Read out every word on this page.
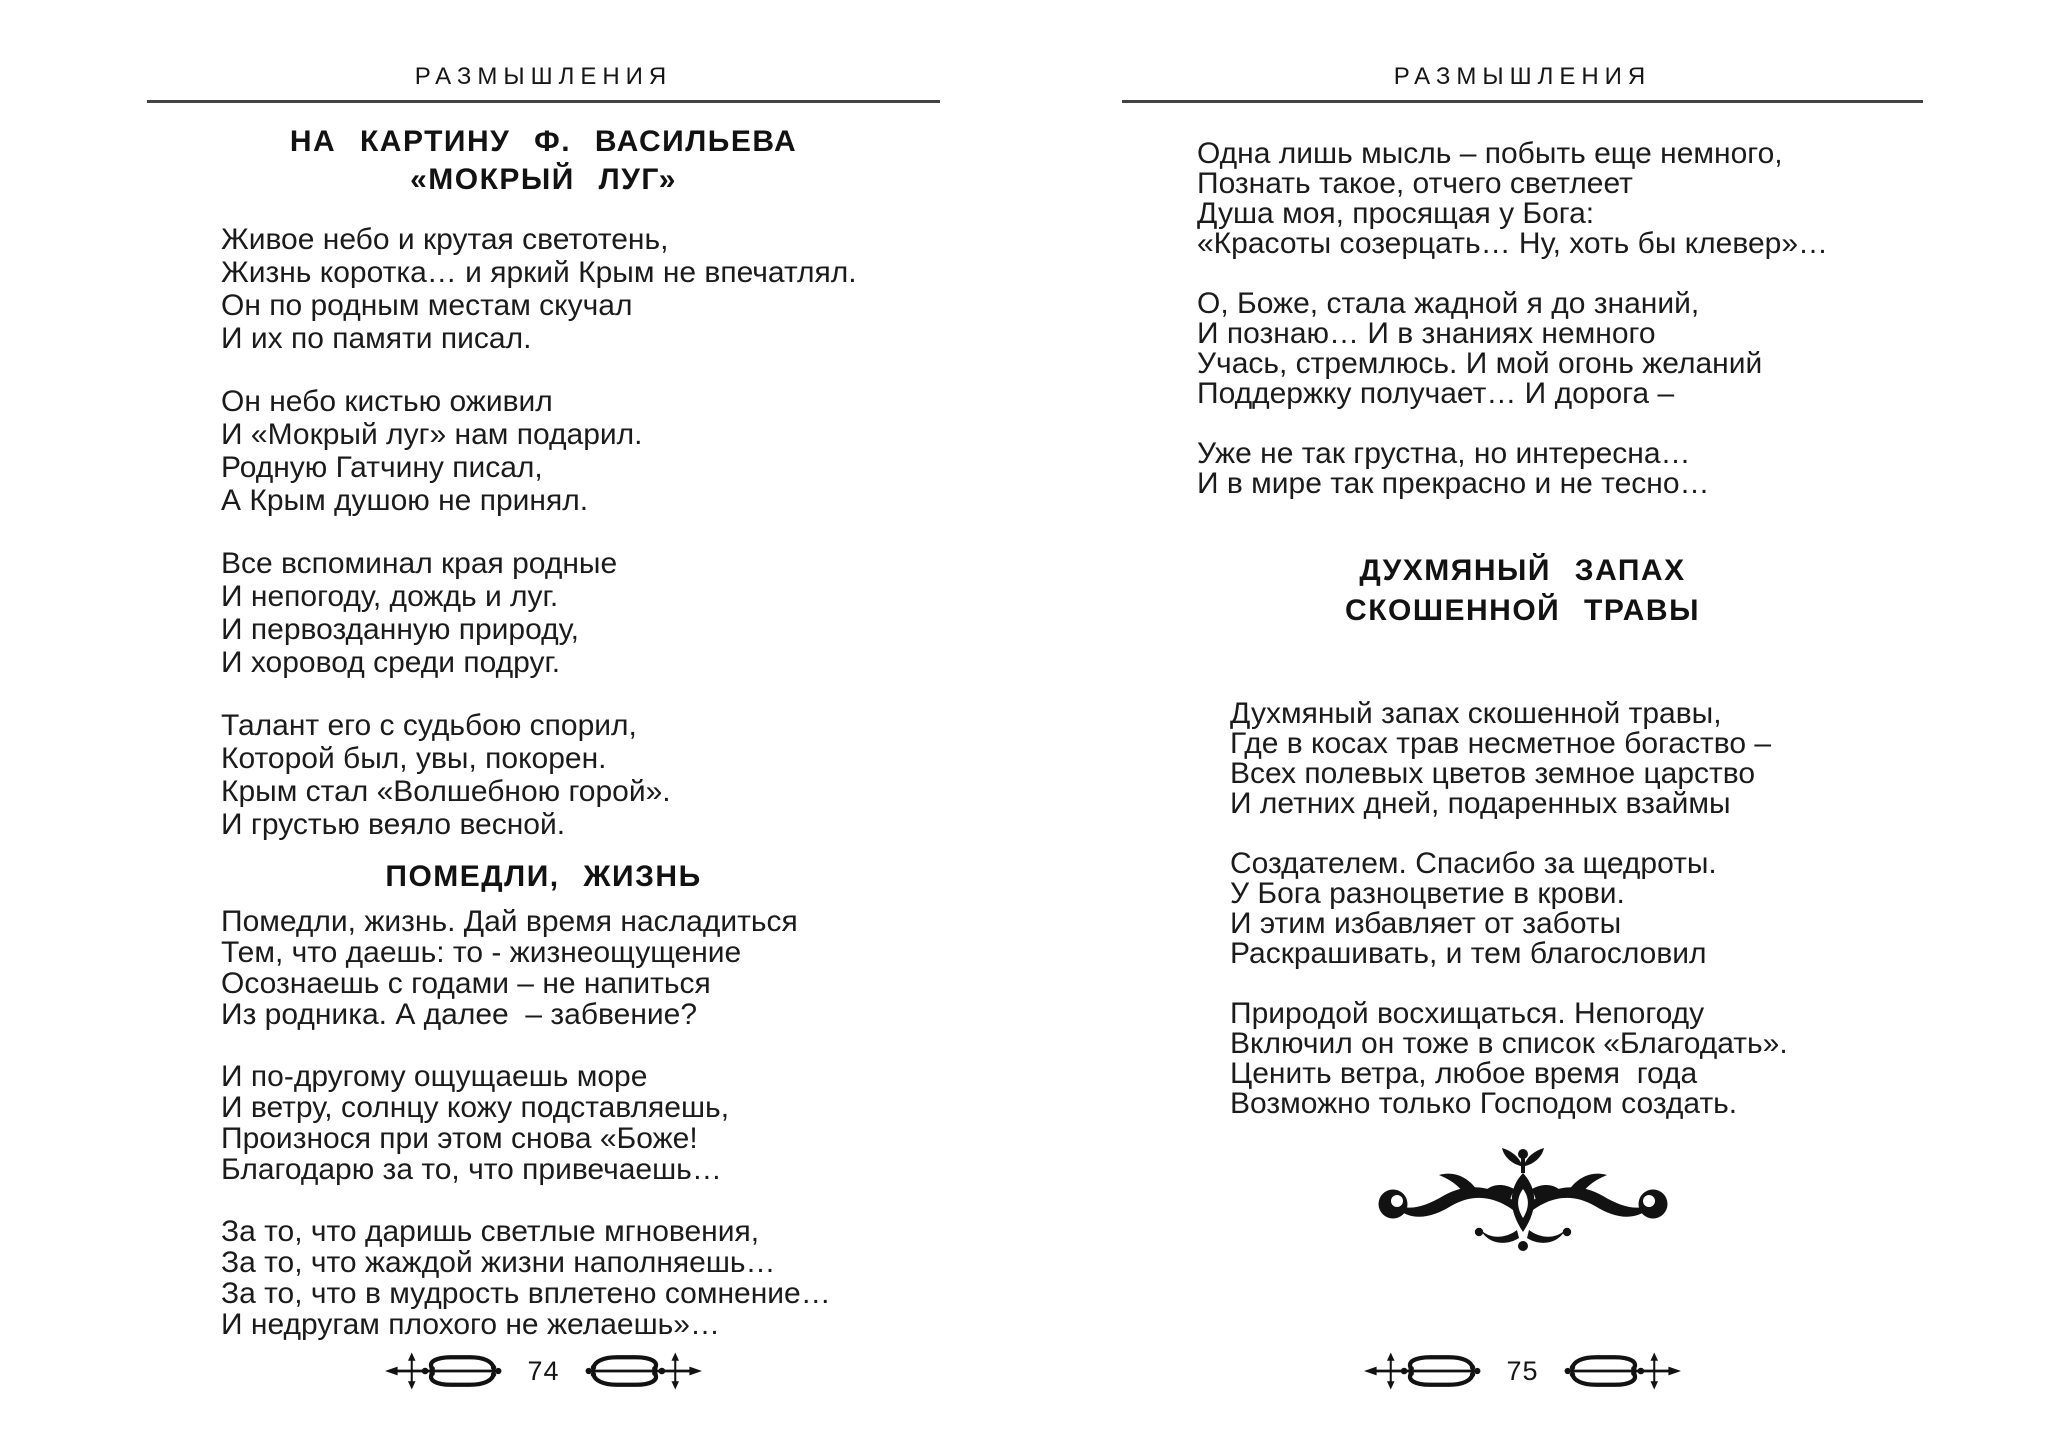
РАЗМЫШЛЕНИЯ
НА КАРТИНУ Ф. ВАСИЛЬЕВА
«МОКРЫЙ ЛУГ»
Живое небо и крутая светотень,
Жизнь коротка… и яркий Крым не впечатлял.
Он по родным местам скучал
И их по памяти писал.
Он небо кистью оживил
И «Мокрый луг» нам подарил.
Родную Гатчину писал,
А Крым душою не принял.
Все вспоминал края родные
И непогоду, дождь и луг.
И первозданную природу,
И хоровод среди подруг.
Талант его с судьбою спорил,
Которой был, увы, покорен.
Крым стал «Волшебною горой».
И грустью веяло весной.
ПОМЕДЛИ, ЖИЗНЬ
Помедли, жизнь. Дай время насладиться
Тем, что даешь: то - жизнеощущение
Осознаешь с годами – не напиться
Из родника. А далее  – забвение?
И по-другому ощущаешь море
И ветру, солнцу кожу подставляешь,
Произнося при этом снова «Боже!
Благодарю за то, что привечаешь…
За то, что даришь светлые мгновения,
За то, что жаждой жизни наполняешь…
За то, что в мудрость вплетено сомнение…
И недругам плохого не желаешь»…
74
РАЗМЫШЛЕНИЯ
Одна лишь мысль – побыть еще немного,
Познать такое, отчего светлеет
Душа моя, просящая у Бога:
«Красоты созерцать… Ну, хоть бы клевер»…
О, Боже, стала жадной я до знаний,
И познаю… И в знаниях немного
Учась, стремлюсь. И мой огонь желаний
Поддержку получает… И дорога –
Уже не так грустна, но интересна…
И в мире так прекрасно и не тесно…
ДУХМЯНЫЙ ЗАПАХ
СКОШЕННОЙ ТРАВЫ
Духмяный запах скошенной травы,
Где в косах трав несметное богаство –
Всех полевых цветов земное царство
И летних дней, подаренных взаймы
Создателем. Спасибо за щедроты.
У Бога разноцветие в крови.
И этим избавляет от заботы
Раскрашивать, и тем благословил
Природой восхищаться. Непогоду
Включил он тоже в список «Благодать».
Ценить ветра, любое время  года
Возможно только Господом создать.
75
